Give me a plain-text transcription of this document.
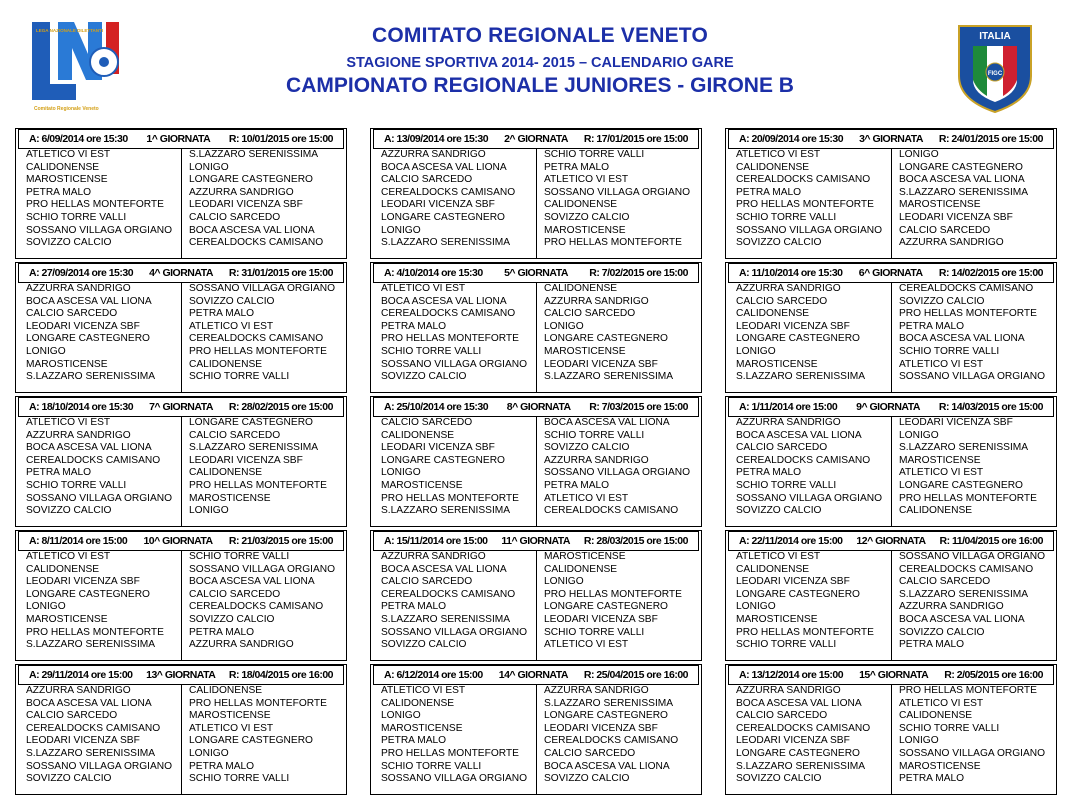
LEGA NAZIONALE DILETTANTI
Comitato Regionale Veneto
COMITATO REGIONALE VENETO
STAGIONE SPORTIVA 2014- 2015 – CALENDARIO GARE
CAMPIONATO REGIONALE JUNIORES - GIRONE B
ITALIA
FIGC
A: 6/09/2014 ore 15:30 1^ GIORNATA R: 10/01/2015 ore 15:00
ATLETICO VI EST	S.LAZZARO SERENISSIMA
CALIDONENSE	LONIGO
MAROSTICENSE	LONGARE CASTEGNERO
PETRA MALO	AZZURRA SANDRIGO
PRO HELLAS MONTEFORTE	LEODARI VICENZA SBF
SCHIO TORRE VALLI	CALCIO SARCEDO
SOSSANO VILLAGA ORGIANO	BOCA ASCESA VAL LIONA
SOVIZZO CALCIO	CEREALDOCKS CAMISANO
A: 13/09/2014 ore 15:30 2^ GIORNATA R: 17/01/2015 ore 15:00
AZZURRA SANDRIGO	SCHIO TORRE VALLI
BOCA ASCESA VAL LIONA	PETRA MALO
CALCIO SARCEDO	ATLETICO VI EST
CEREALDOCKS CAMISANO	SOSSANO VILLAGA ORGIANO
LEODARI VICENZA SBF	CALIDONENSE
LONGARE CASTEGNERO	SOVIZZO CALCIO
LONIGO	MAROSTICENSE
S.LAZZARO SERENISSIMA	PRO HELLAS MONTEFORTE
A: 20/09/2014 ore 15:30 3^ GIORNATA R: 24/01/2015 ore 15:00
ATLETICO VI EST	LONIGO
CALIDONENSE	LONGARE CASTEGNERO
CEREALDOCKS CAMISANO	BOCA ASCESA VAL LIONA
PETRA MALO	S.LAZZARO SERENISSIMA
PRO HELLAS MONTEFORTE	MAROSTICENSE
SCHIO TORRE VALLI	LEODARI VICENZA SBF
SOSSANO VILLAGA ORGIANO	CALCIO SARCEDO
SOVIZZO CALCIO	AZZURRA SANDRIGO
A: 27/09/2014 ore 15:30 4^ GIORNATA R: 31/01/2015 ore 15:00
AZZURRA SANDRIGO	SOSSANO VILLAGA ORGIANO
BOCA ASCESA VAL LIONA	SOVIZZO CALCIO
CALCIO SARCEDO	PETRA MALO
LEODARI VICENZA SBF	ATLETICO VI EST
LONGARE CASTEGNERO	CEREALDOCKS CAMISANO
LONIGO	PRO HELLAS MONTEFORTE
MAROSTICENSE	CALIDONENSE
S.LAZZARO SERENISSIMA	SCHIO TORRE VALLI
A: 4/10/2014 ore 15:30 5^ GIORNATA R: 7/02/2015 ore 15:00
ATLETICO VI EST	CALIDONENSE
BOCA ASCESA VAL LIONA	AZZURRA SANDRIGO
CEREALDOCKS CAMISANO	CALCIO SARCEDO
PETRA MALO	LONIGO
PRO HELLAS MONTEFORTE	LONGARE CASTEGNERO
SCHIO TORRE VALLI	MAROSTICENSE
SOSSANO VILLAGA ORGIANO	LEODARI VICENZA SBF
SOVIZZO CALCIO	S.LAZZARO SERENISSIMA
A: 11/10/2014 ore 15:30 6^ GIORNATA R: 14/02/2015 ore 15:00
AZZURRA SANDRIGO	CEREALDOCKS CAMISANO
CALCIO SARCEDO	SOVIZZO CALCIO
CALIDONENSE	PRO HELLAS MONTEFORTE
LEODARI VICENZA SBF	PETRA MALO
LONGARE CASTEGNERO	BOCA ASCESA VAL LIONA
LONIGO	SCHIO TORRE VALLI
MAROSTICENSE	ATLETICO VI EST
S.LAZZARO SERENISSIMA	SOSSANO VILLAGA ORGIANO
A: 18/10/2014 ore 15:30 7^ GIORNATA R: 28/02/2015 ore 15:00
ATLETICO VI EST	LONGARE CASTEGNERO
AZZURRA SANDRIGO	CALCIO SARCEDO
BOCA ASCESA VAL LIONA	S.LAZZARO SERENISSIMA
CEREALDOCKS CAMISANO	LEODARI VICENZA SBF
PETRA MALO	CALIDONENSE
SCHIO TORRE VALLI	PRO HELLAS MONTEFORTE
SOSSANO VILLAGA ORGIANO	MAROSTICENSE
SOVIZZO CALCIO	LONIGO
A: 25/10/2014 ore 15:30 8^ GIORNATA R: 7/03/2015 ore 15:00
CALCIO SARCEDO	BOCA ASCESA VAL LIONA
CALIDONENSE	SCHIO TORRE VALLI
LEODARI VICENZA SBF	SOVIZZO CALCIO
LONGARE CASTEGNERO	AZZURRA SANDRIGO
LONIGO	SOSSANO VILLAGA ORGIANO
MAROSTICENSE	PETRA MALO
PRO HELLAS MONTEFORTE	ATLETICO VI EST
S.LAZZARO SERENISSIMA	CEREALDOCKS CAMISANO
A: 1/11/2014 ore 15:00 9^ GIORNATA R: 14/03/2015 ore 15:00
AZZURRA SANDRIGO	LEODARI VICENZA SBF
BOCA ASCESA VAL LIONA	LONIGO
CALCIO SARCEDO	S.LAZZARO SERENISSIMA
CEREALDOCKS CAMISANO	MAROSTICENSE
PETRA MALO	ATLETICO VI EST
SCHIO TORRE VALLI	LONGARE CASTEGNERO
SOSSANO VILLAGA ORGIANO	PRO HELLAS MONTEFORTE
SOVIZZO CALCIO	CALIDONENSE
A: 8/11/2014 ore 15:00 10^ GIORNATA R: 21/03/2015 ore 15:00
ATLETICO VI EST	SCHIO TORRE VALLI
CALIDONENSE	SOSSANO VILLAGA ORGIANO
LEODARI VICENZA SBF	BOCA ASCESA VAL LIONA
LONGARE CASTEGNERO	CALCIO SARCEDO
LONIGO	CEREALDOCKS CAMISANO
MAROSTICENSE	SOVIZZO CALCIO
PRO HELLAS MONTEFORTE	PETRA MALO
S.LAZZARO SERENISSIMA	AZZURRA SANDRIGO
A: 15/11/2014 ore 15:00 11^ GIORNATA R: 28/03/2015 ore 15:00
AZZURRA SANDRIGO	MAROSTICENSE
BOCA ASCESA VAL LIONA	CALIDONENSE
CALCIO SARCEDO	LONIGO
CEREALDOCKS CAMISANO	PRO HELLAS MONTEFORTE
PETRA MALO	LONGARE CASTEGNERO
S.LAZZARO SERENISSIMA	LEODARI VICENZA SBF
SOSSANO VILLAGA ORGIANO	SCHIO TORRE VALLI
SOVIZZO CALCIO	ATLETICO VI EST
A: 22/11/2014 ore 15:00 12^ GIORNATA R: 11/04/2015 ore 16:00
ATLETICO VI EST	SOSSANO VILLAGA ORGIANO
CALIDONENSE	CEREALDOCKS CAMISANO
LEODARI VICENZA SBF	CALCIO SARCEDO
LONGARE CASTEGNERO	S.LAZZARO SERENISSIMA
LONIGO	AZZURRA SANDRIGO
MAROSTICENSE	BOCA ASCESA VAL LIONA
PRO HELLAS MONTEFORTE	SOVIZZO CALCIO
SCHIO TORRE VALLI	PETRA MALO
A: 29/11/2014 ore 15:00 13^ GIORNATA R: 18/04/2015 ore 16:00
AZZURRA SANDRIGO	CALIDONENSE
BOCA ASCESA VAL LIONA	PRO HELLAS MONTEFORTE
CALCIO SARCEDO	MAROSTICENSE
CEREALDOCKS CAMISANO	ATLETICO VI EST
LEODARI VICENZA SBF	LONGARE CASTEGNERO
S.LAZZARO SERENISSIMA	LONIGO
SOSSANO VILLAGA ORGIANO	PETRA MALO
SOVIZZO CALCIO	SCHIO TORRE VALLI
A: 6/12/2014 ore 15:00 14^ GIORNATA R: 25/04/2015 ore 16:00
ATLETICO VI EST	AZZURRA SANDRIGO
CALIDONENSE	S.LAZZARO SERENISSIMA
LONIGO	LONGARE CASTEGNERO
MAROSTICENSE	LEODARI VICENZA SBF
PETRA MALO	CEREALDOCKS CAMISANO
PRO HELLAS MONTEFORTE	CALCIO SARCEDO
SCHIO TORRE VALLI	BOCA ASCESA VAL LIONA
SOSSANO VILLAGA ORGIANO	SOVIZZO CALCIO
A: 13/12/2014 ore 15:00 15^ GIORNATA R: 2/05/2015 ore 16:00
AZZURRA SANDRIGO	PRO HELLAS MONTEFORTE
BOCA ASCESA VAL LIONA	ATLETICO VI EST
CALCIO SARCEDO	CALIDONENSE
CEREALDOCKS CAMISANO	SCHIO TORRE VALLI
LEODARI VICENZA SBF	LONIGO
LONGARE CASTEGNERO	SOSSANO VILLAGA ORGIANO
S.LAZZARO SERENISSIMA	MAROSTICENSE
SOVIZZO CALCIO	PETRA MALO
